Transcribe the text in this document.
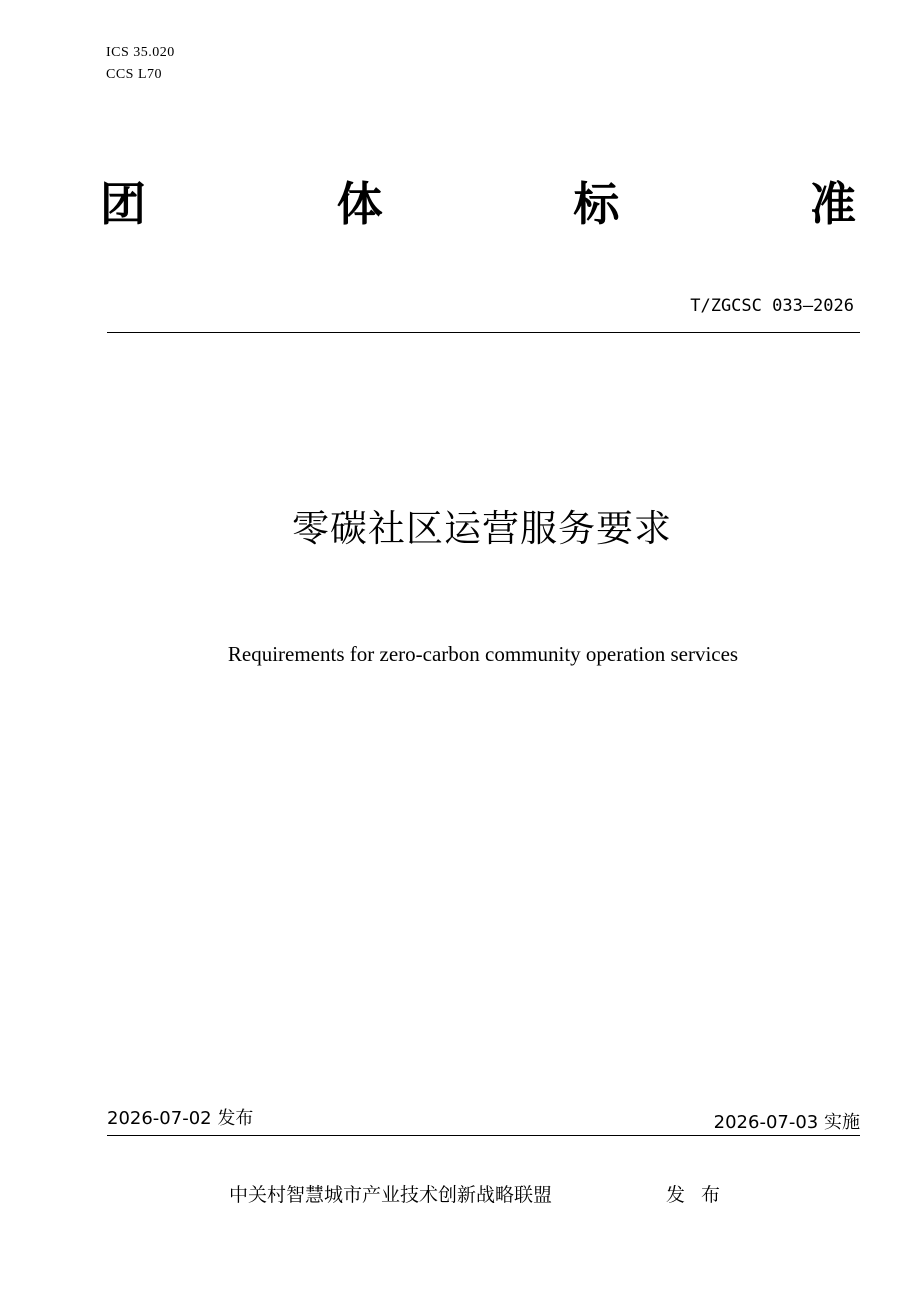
ICS 35.020
CCS L70
团	体	标	准
T/ZGCSC 033—2026
零碳社区运营服务要求
Requirements for zero-carbon community operation services
2026-07-02 发布	2026-07-03 实施
中关村智慧城市产业技术创新战略联盟	发布
